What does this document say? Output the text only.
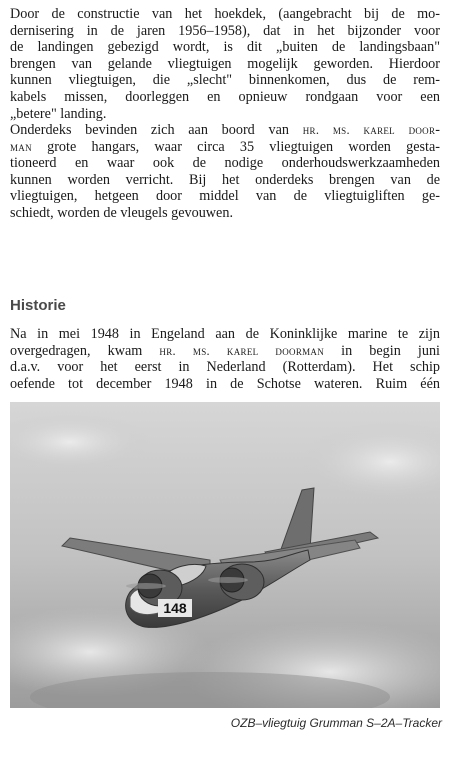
Door de constructie van het hoekdek, (aangebracht bij de mo-
dernisering in de jaren 1956–1958), dat in het bijzonder voor
de landingen gebezigd wordt, is dit „buiten de landingsbaan"
brengen van gelande vliegtuigen mogelijk geworden. Hierdoor
kunnen vliegtuigen, die „slecht" binnenkomen, dus de rem-
kabels missen, doorleggen en opnieuw rondgaan voor een
„betere" landing.

Onderdeks bevinden zich aan boord van hr. ms. karel door-
man grote hangars, waar circa 35 vliegtuigen worden gesta-
tioneerd en waar ook de nodige onderhoudswerkzaamheden
kunnen worden verricht. Bij het onderdeks brengen van de
vliegtuigen, hetgeen door middel van de vliegtuigliften ge-
schiedt, worden de vleugels gevouwen.

Historie

Na in mei 1948 in Engeland aan de Koninklijke marine te zijn
overgedragen, kwam hr. ms. karel doorman in begin juni
d.a.v. voor het eerst in Nederland (Rotterdam). Het schip
oefende tot december 1948 in de Schotse wateren. Ruim één

148

OZB–vliegtuig Grumman S–2A–Tracker
